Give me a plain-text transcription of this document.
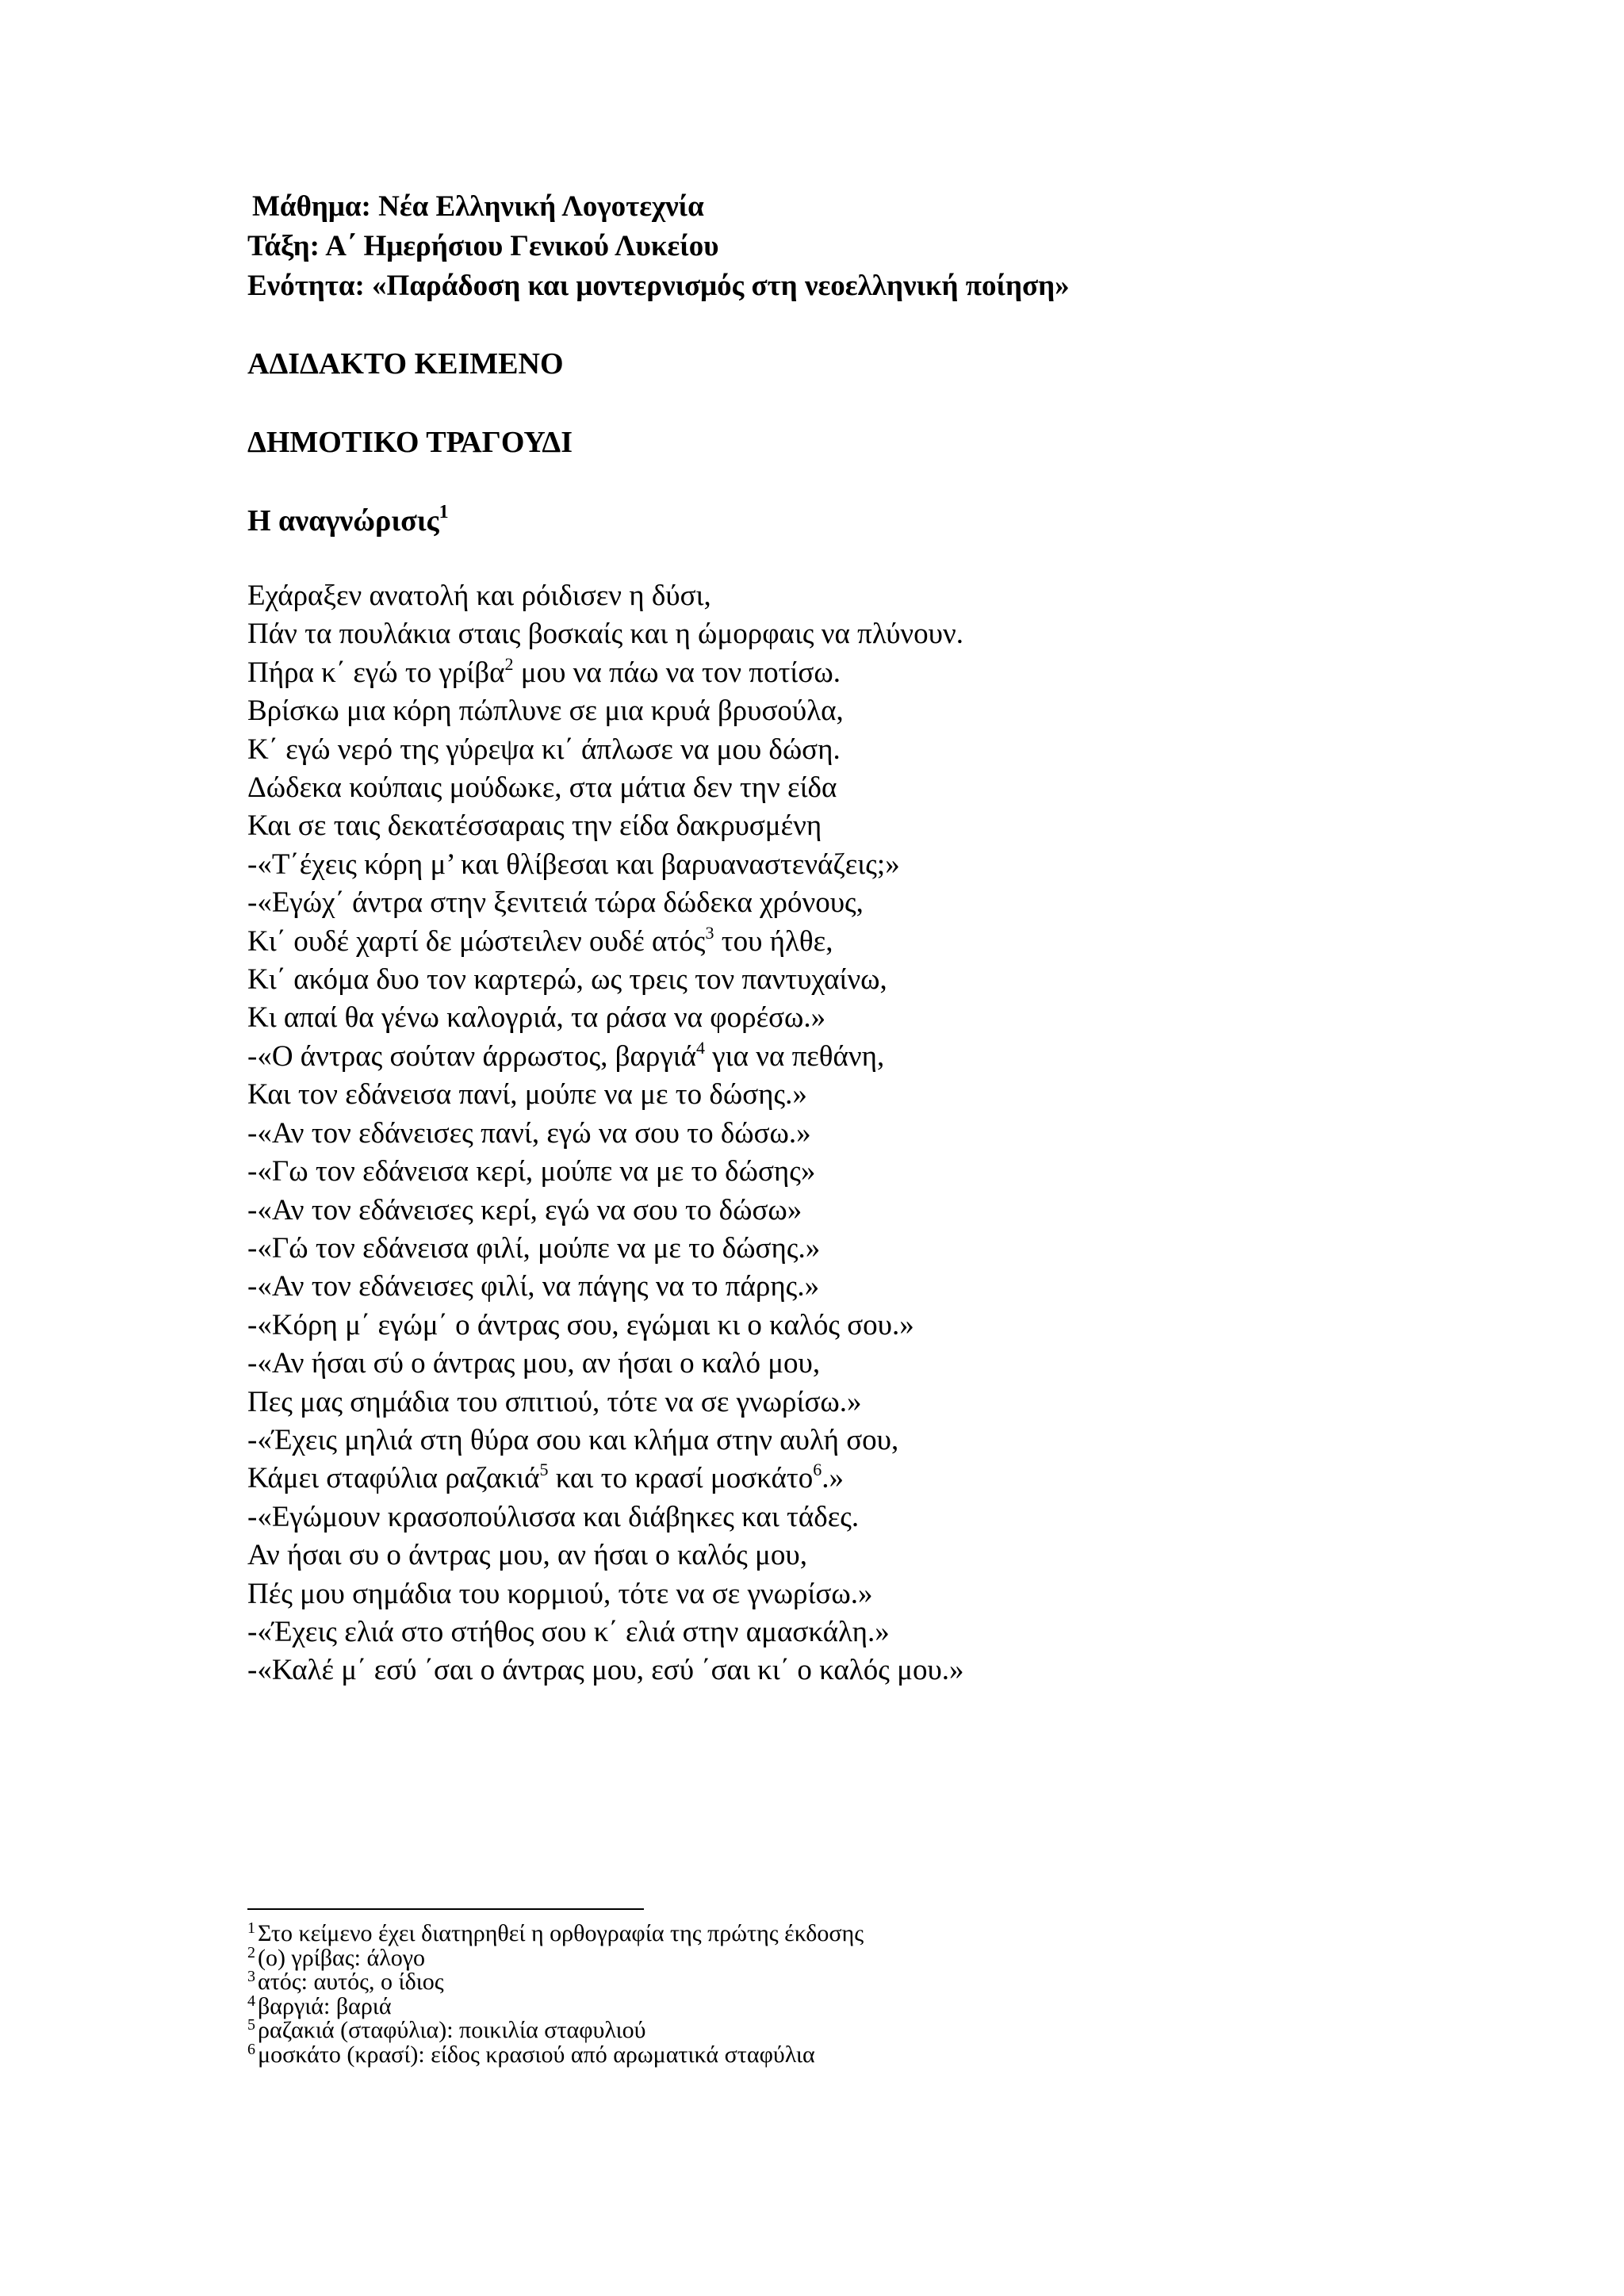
Μάθημα: Νέα Ελληνική Λογοτεχνία
Τάξη: Α΄ Ημερήσιου Γενικού Λυκείου
Ενότητα: «Παράδοση και μοντερνισμός στη νεοελληνική ποίηση»
ΑΔΙΔΑΚΤΟ ΚΕΙΜΕΝΟ
ΔΗΜΟΤΙΚΟ ΤΡΑΓΟΥΔΙ
Η αναγνώρισις$^1$
Εχάραξεν ανατολή και ρόιδισεν η δύσι,
Πάν τα πουλάκια σταις βοσκαίς και η ώμορφαις να πλύνουν.
Πήρα κ΄ εγώ το γρίβα$^2$ μου να πάω να τον ποτίσω.
Βρίσκω μια κόρη πώπλυνε σε μια κρυά βρυσούλα,
Κ΄ εγώ νερό της γύρεψα κι΄ άπλωσε να μου δώση.
Δώδεκα κούπαις μούδωκε, στα μάτια δεν την είδα
Και σε ταις δεκατέσσαραις την είδα δακρυσμένη
-«Τ΄έχεις κόρη μ’ και θλίβεσαι και βαρυαναστενάζεις;»
-«Εγώχ΄ άντρα στην ξενιτειά τώρα δώδεκα χρόνους,
Κι΄ ουδέ χαρτί δε μώστειλεν ουδέ ατός$^3$ του ήλθε,
Κι΄ ακόμα δυο τον καρτερώ, ως τρεις τον παντυχαίνω,
Κι απαί θα γένω καλογριά, τα ράσα να φορέσω.»
-«Ο άντρας σούταν άρρωστος, βαργιά$^4$ για να πεθάνη,
Και τον εδάνεισα πανί, μούπε να με το δώσης.»
-«Αν τον εδάνεισες πανί, εγώ να σου το δώσω.»
-«Γω τον εδάνεισα κερί, μούπε να με το δώσης»
-«Αν τον εδάνεισες κερί, εγώ να σου το δώσω»
-«Γώ τον εδάνεισα φιλί, μούπε να με το δώσης.»
-«Αν τον εδάνεισες φιλί, να πάγης να το πάρης.»
-«Κόρη μ΄ εγώμ΄ ο άντρας σου, εγώμαι κι ο καλός σου.»
-«Αν ήσαι σύ ο άντρας μου, αν ήσαι ο καλό μου,
Πες μας σημάδια του σπιτιού, τότε να σε γνωρίσω.»
-«Έχεις μηλιά στη θύρα σου και κλήμα στην αυλή σου,
Κάμει σταφύλια ραζακιά$^5$ και το κρασί μοσκάτο$^6$.»
-«Εγώμουν κρασοπούλισσα και διάβηκες και τάδες.
Αν ήσαι συ ο άντρας μου, αν ήσαι ο καλός μου,
Πές μου σημάδια του κορμιού, τότε να σε γνωρίσω.»
-«Έχεις ελιά στο στήθος σου κ΄ ελιά στην αμασκάλη.»
-«Καλέ μ΄ εσύ ΄σαι ο άντρας μου, εσύ ΄σαι κι΄ ο καλός μου.»
$^1$ Στο κείμενο έχει διατηρηθεί η ορθογραφία της πρώτης έκδοσης
$^2$ (ο) γρίβας: άλογο
$^3$ ατός: αυτός, ο ίδιος
$^4$ βαργιά: βαριά
$^5$ ραζακιά (σταφύλια): ποικιλία σταφυλιού
$^6$ μοσκάτο (κρασί): είδος κρασιού από αρωματικά σταφύλια
